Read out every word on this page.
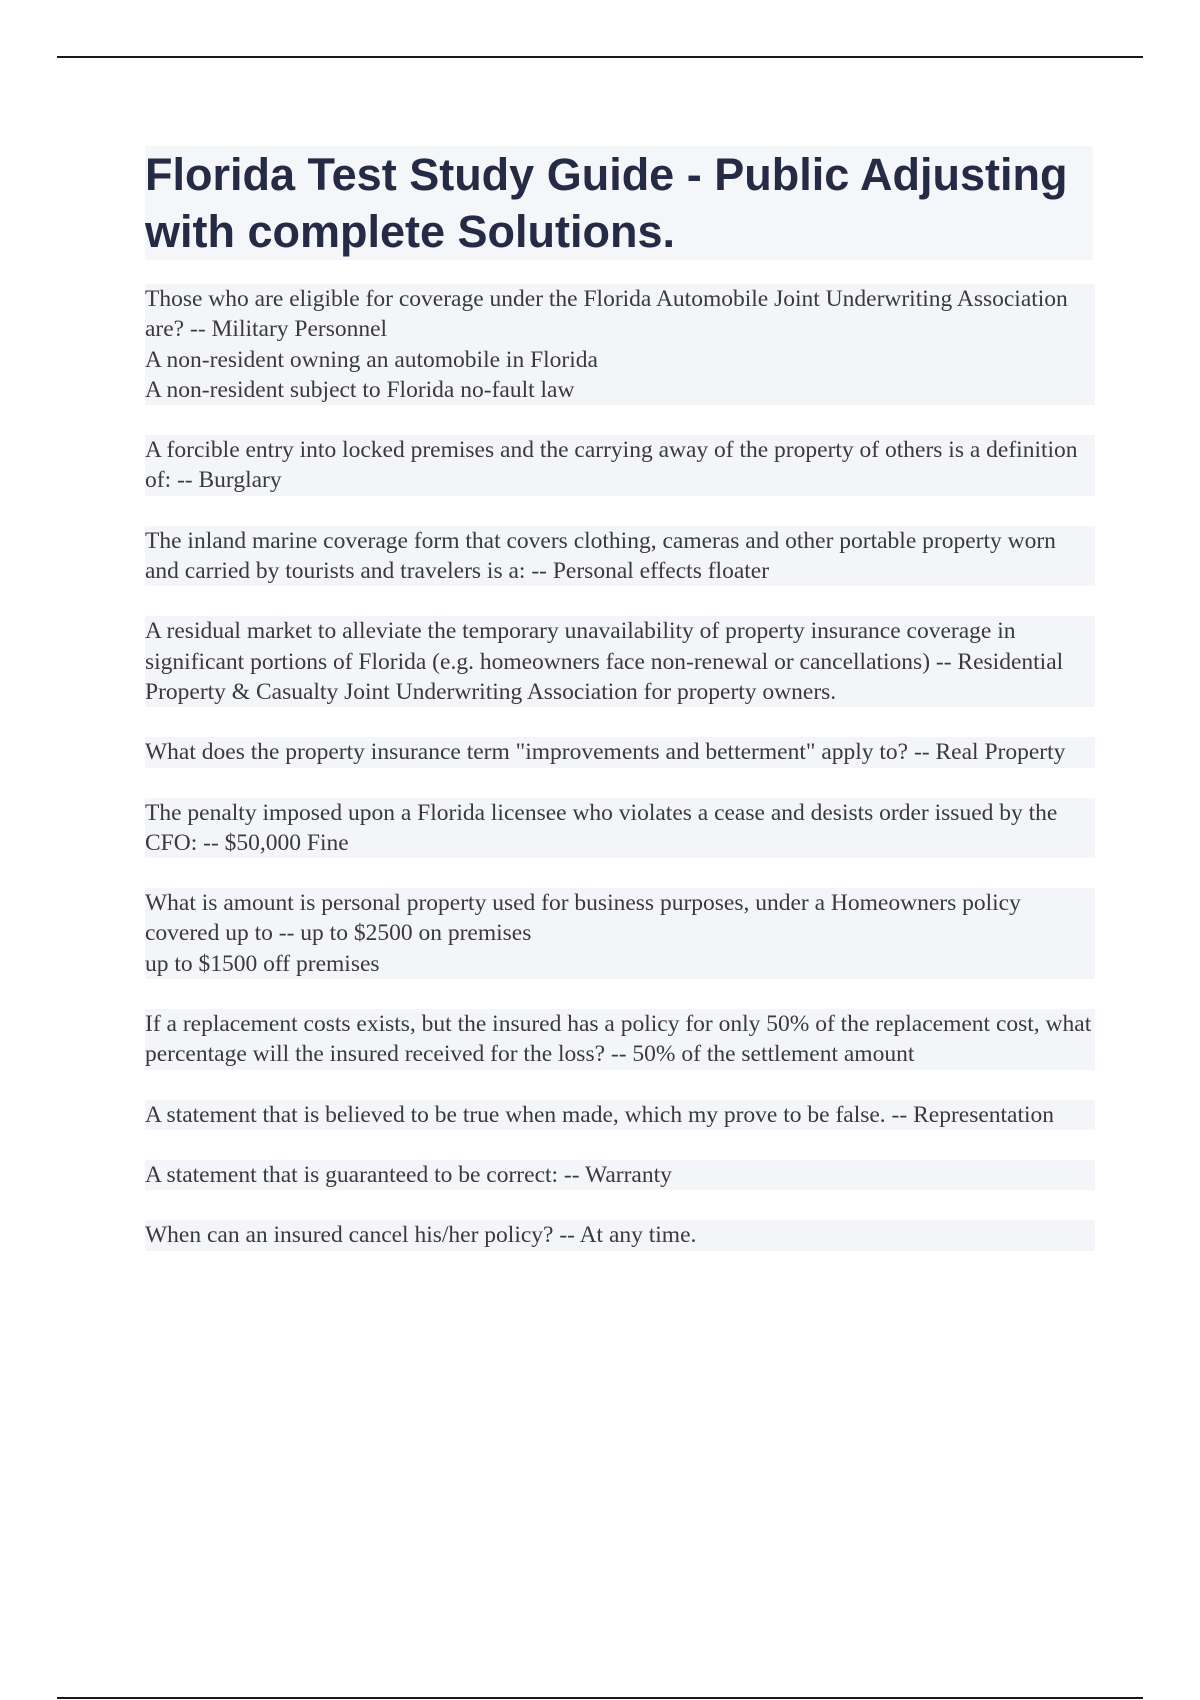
Florida Test Study Guide - Public Adjusting with complete Solutions.
Those who are eligible for coverage under the Florida Automobile Joint Underwriting Association are? -- Military Personnel
A non-resident owning an automobile in Florida
A non-resident subject to Florida no-fault law
A forcible entry into locked premises and the carrying away of the property of others is a definition of: -- Burglary
The inland marine coverage form that covers clothing, cameras and other portable property worn and carried by tourists and travelers is a: -- Personal effects floater
A residual market to alleviate the temporary unavailability of property insurance coverage in significant portions of Florida (e.g. homeowners face non-renewal or cancellations) -- Residential Property & Casualty Joint Underwriting Association for property owners.
What does the property insurance term "improvements and betterment" apply to? -- Real Property
The penalty imposed upon a Florida licensee who violates a cease and desists order issued by the CFO: -- $50,000 Fine
What is amount is personal property used for business purposes, under a Homeowners policy covered up to -- up to $2500 on premises
up to $1500 off premises
If a replacement costs exists, but the insured has a policy for only 50% of the replacement cost, what percentage will the insured received for the loss? -- 50% of the settlement amount
A statement that is believed to be true when made, which my prove to be false. -- Representation
A statement that is guaranteed to be correct: -- Warranty
When can an insured cancel his/her policy? -- At any time.
